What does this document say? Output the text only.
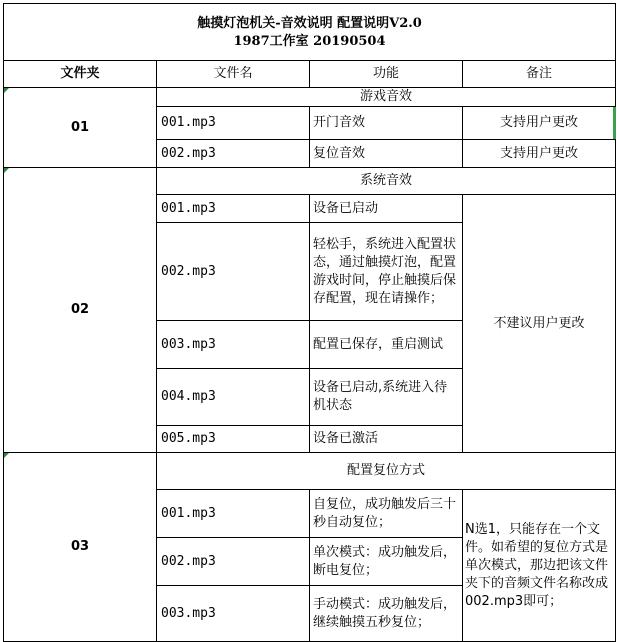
触摸灯泡机关-音效说明 配置说明V2.0
1987工作室 20190504			

文件夹	文件名	功能	备注

01	游戏音效		
	001.mp3	开门音效	支持用户更改
	002.mp3	复位音效	支持用户更改

02	系统音效		
	001.mp3	设备已启动	不建议用户更改
	002.mp3	轻松手，系统进入配置状态，通过触摸灯泡，配置游戏时间，停止触摸后保存配置，现在请操作；	
	003.mp3	配置已保存，重启测试	
	004.mp3	设备已启动,系统进入待机状态	
	005.mp3	设备已激活	

03	配置复位方式		
	001.mp3	自复位，成功触发后三十秒自动复位；	N选1，只能存在一个文件。如希望的复位方式是单次模式，那边把该文件夹下的音频文件名称改成002.mp3即可；
	002.mp3	单次模式：成功触发后，断电复位；	
	003.mp3	手动模式：成功触发后，继续触摸五秒复位；	
